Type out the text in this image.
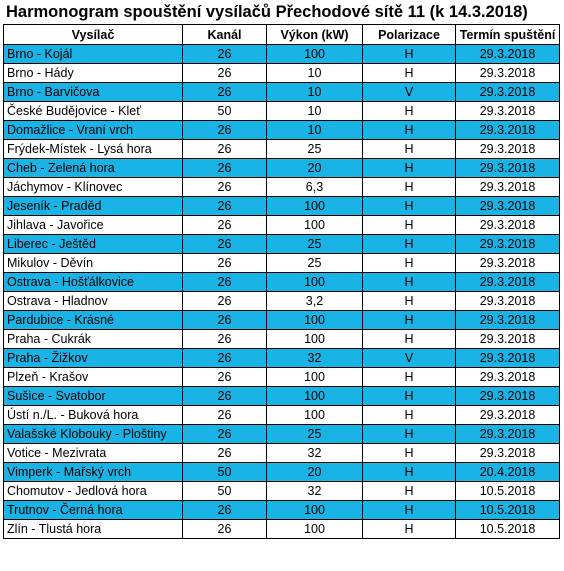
Harmonogram spouštění vysílačů Přechodové sítě 11 (k 14.3.2018)
Vysílač	Kanál	Výkon (kW)	Polarizace	Termín spuštění
Brno - Kojál	26	100	H	29.3.2018
Brno - Hády	26	10	H	29.3.2018
Brno - Barvičova	26	10	V	29.3.2018
České Budějovice - Kleť	50	10	H	29.3.2018
Domažlice - Vraní vrch	26	10	H	29.3.2018
Frýdek-Místek - Lysá hora	26	25	H	29.3.2018
Cheb - Zelená hora	26	20	H	29.3.2018
Jáchymov - Klínovec	26	6,3	H	29.3.2018
Jeseník - Praděd	26	100	H	29.3.2018
Jihlava - Javořice	26	100	H	29.3.2018
Liberec - Ještěd	26	25	H	29.3.2018
Mikulov - Děvín	26	25	H	29.3.2018
Ostrava - Hošťálkovice	26	100	H	29.3.2018
Ostrava - Hladnov	26	3,2	H	29.3.2018
Pardubice - Krásné	26	100	H	29.3.2018
Praha - Cukrák	26	100	H	29.3.2018
Praha - Žižkov	26	32	V	29.3.2018
Plzeň - Krašov	26	100	H	29.3.2018
Sušice - Svatobor	26	100	H	29.3.2018
Ústí n./L. - Buková hora	26	100	H	29.3.2018
Valašské Klobouky - Ploštiny	26	25	H	29.3.2018
Votice - Mezivrata	26	32	H	29.3.2018
Vimperk - Mařský vrch	50	20	H	20.4.2018
Chomutov - Jedlová hora	50	32	H	10.5.2018
Trutnov - Černá hora	26	100	H	10.5.2018
Zlín - Tlustá hora	26	100	H	10.5.2018
